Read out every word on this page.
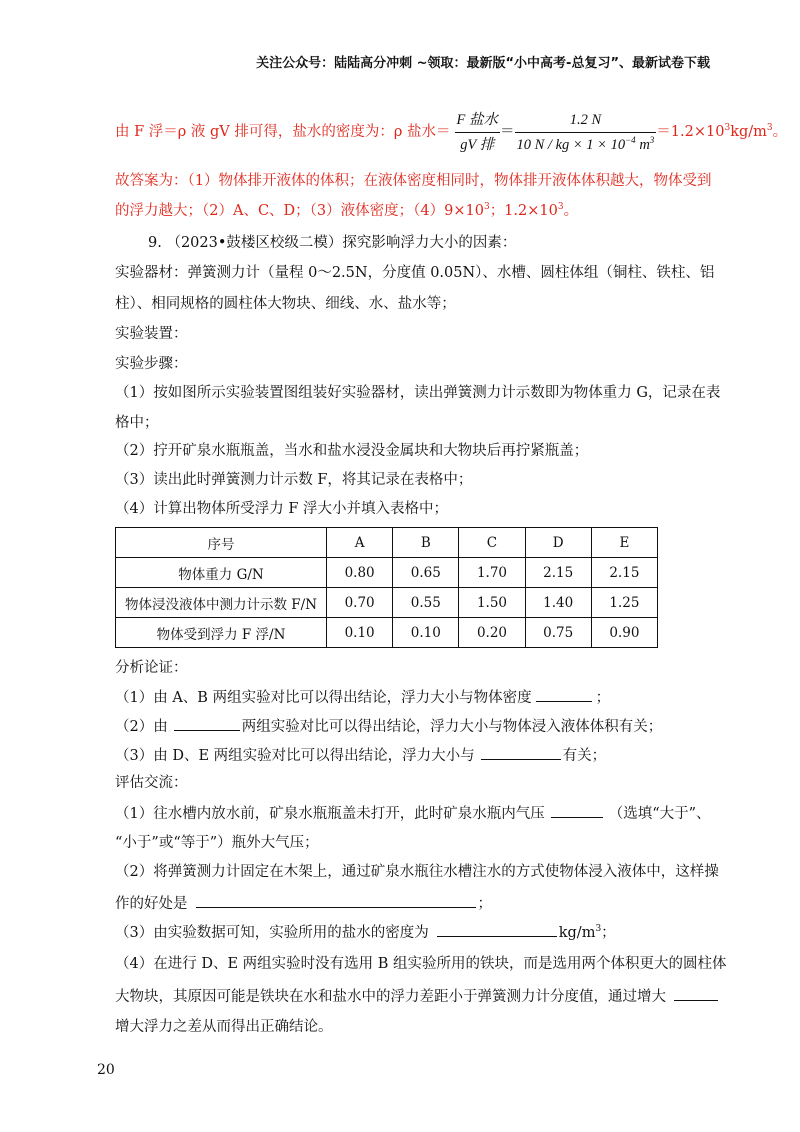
关注公众号：陆陆高分冲刺 ~领取：最新版“小中高考-总复习”、最新试卷下载
由 F 浮＝ρ 液 gV 排可得，盐水的密度为：ρ 盐水＝ $\frac{\text{F 盐水}}{\text{gV 排}} = \frac{1.2 N}{10 N / kg \times 1 \times 10^{-4} m^3} =1.2\times 10^3kg/m^3$。
故答案为：（1）物体排开液体的体积；在液体密度相同时，物体排开液体体积越大，物体受到
的浮力越大；（2）A、C、D；（3）液体密度；$(4)9\times 10^3$；$1.2\times 10^3$。
9. （2023•鼓楼区校级二模）探究影响浮力大小的因素：
实验器材：弹簧测力计（量程 0～2.5N，分度值 0.05N）、水槽、圆柱体组（铜柱、铁柱、铝
柱）、相同规格的圆柱体大物块、细线、水、盐水等；
实验装置：
实验步骤：
（1）按如图所示实验装置图组装好实验器材，读出弹簧测力计示数即为物体重力 G，记录在表
格中；
（2）拧开矿泉水瓶瓶盖，当水和盐水浸没金属块和大物块后再拧紧瓶盖；
（3）读出此时弹簧测力计示数 F，将其记录在表格中；
（4）计算出物体所受浮力 F 浮大小并填入表格中；
序号	A	B	C	D	E
物体重力 G/N	0.80	0.65	1.70	2.15	2.15
物体浸没液体中测力计示数 F/N	0.70	0.55	1.50	1.40	1.25
物体受到浮力 F 浮/N	0.10	0.10	0.20	0.75	0.90
分析论证：
（1）由 A、B 两组实验对比可以得出结论，浮力大小与物体密度	；
（2）由	两组实验对比可以得出结论，浮力大小与物体浸入液体体积有关；
（3）由 D、E 两组实验对比可以得出结论，浮力大小与	有关；
评估交流：
（1）往水槽内放水前，矿泉水瓶瓶盖未打开，此时矿泉水瓶内气压	（选填“大于”、
“小于”或“等于”）瓶外大气压；
（2）将弹簧测力计固定在木架上，通过矿泉水瓶往水槽注水的方式使物体浸入液体中，这样操
作的好处是	；
（3）由实验数据可知，实验所用的盐水的密度为	$kg/m^3$；
（4）在进行 D、E 两组实验时没有选用 B 组实验所用的铁块，而是选用两个体积更大的圆柱体
大物块，其原因可能是铁块在水和盐水中的浮力差距小于弹簧测力计分度值，通过增大
增大浮力之差从而得出正确结论。
20
